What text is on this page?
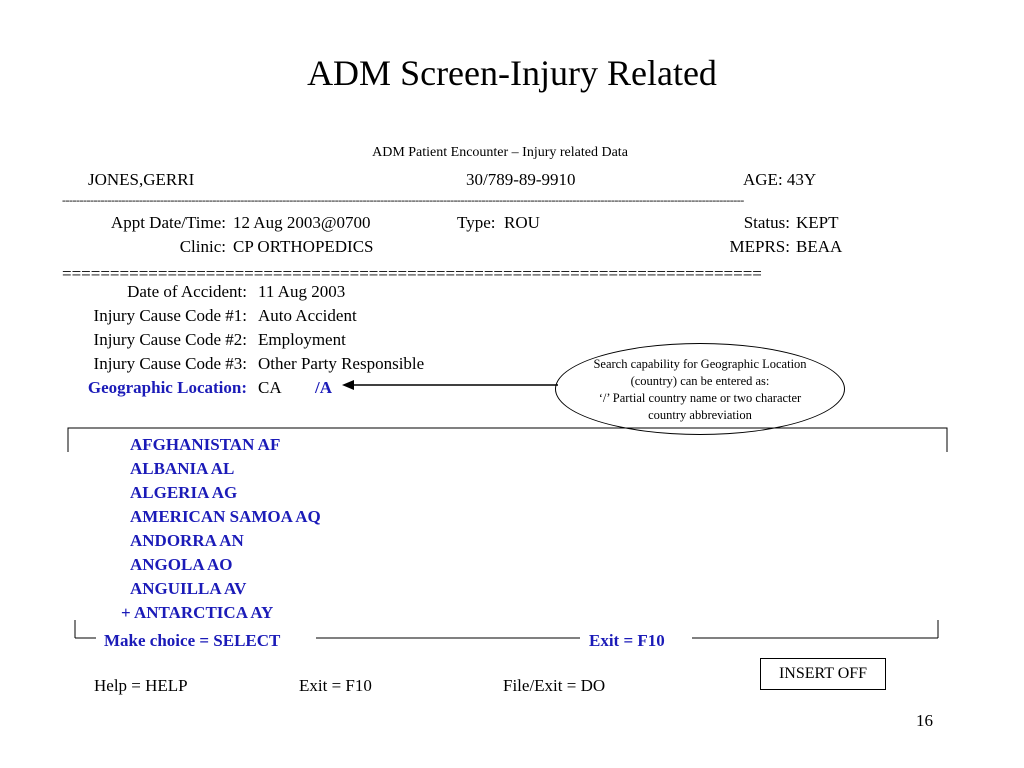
ADM Screen-Injury Related
ADM Patient Encounter – Injury related Data
JONES,GERRI	30/789-89-9910	AGE: 43Y
---------------------------------------------------------------------------------------------------------------------------------------------------------------------------------------------------
Appt Date/Time: 12 Aug 2003@0700	Type: ROU	Status: KEPT
Clinic: CP ORTHOPEDICS	MEPRS: BEAA
=========================================================================
Date of Accident: 11 Aug 2003
Injury Cause Code #1: Auto Accident
Injury Cause Code #2: Employment
Injury Cause Code #3: Other Party Responsible
Geographic Location: CA /A
Search capability for Geographic Location
(country) can be entered as:
‘/’ Partial country name or two character
country abbreviation
AFGHANISTAN AF
ALBANIA AL
ALGERIA AG
AMERICAN SAMOA AQ
ANDORRA AN
ANGOLA AO
ANGUILLA AV
+ ANTARCTICA AY
Make choice = SELECT	Exit = F10
Help = HELP	Exit = F10	File/Exit = DO
INSERT OFF
16
